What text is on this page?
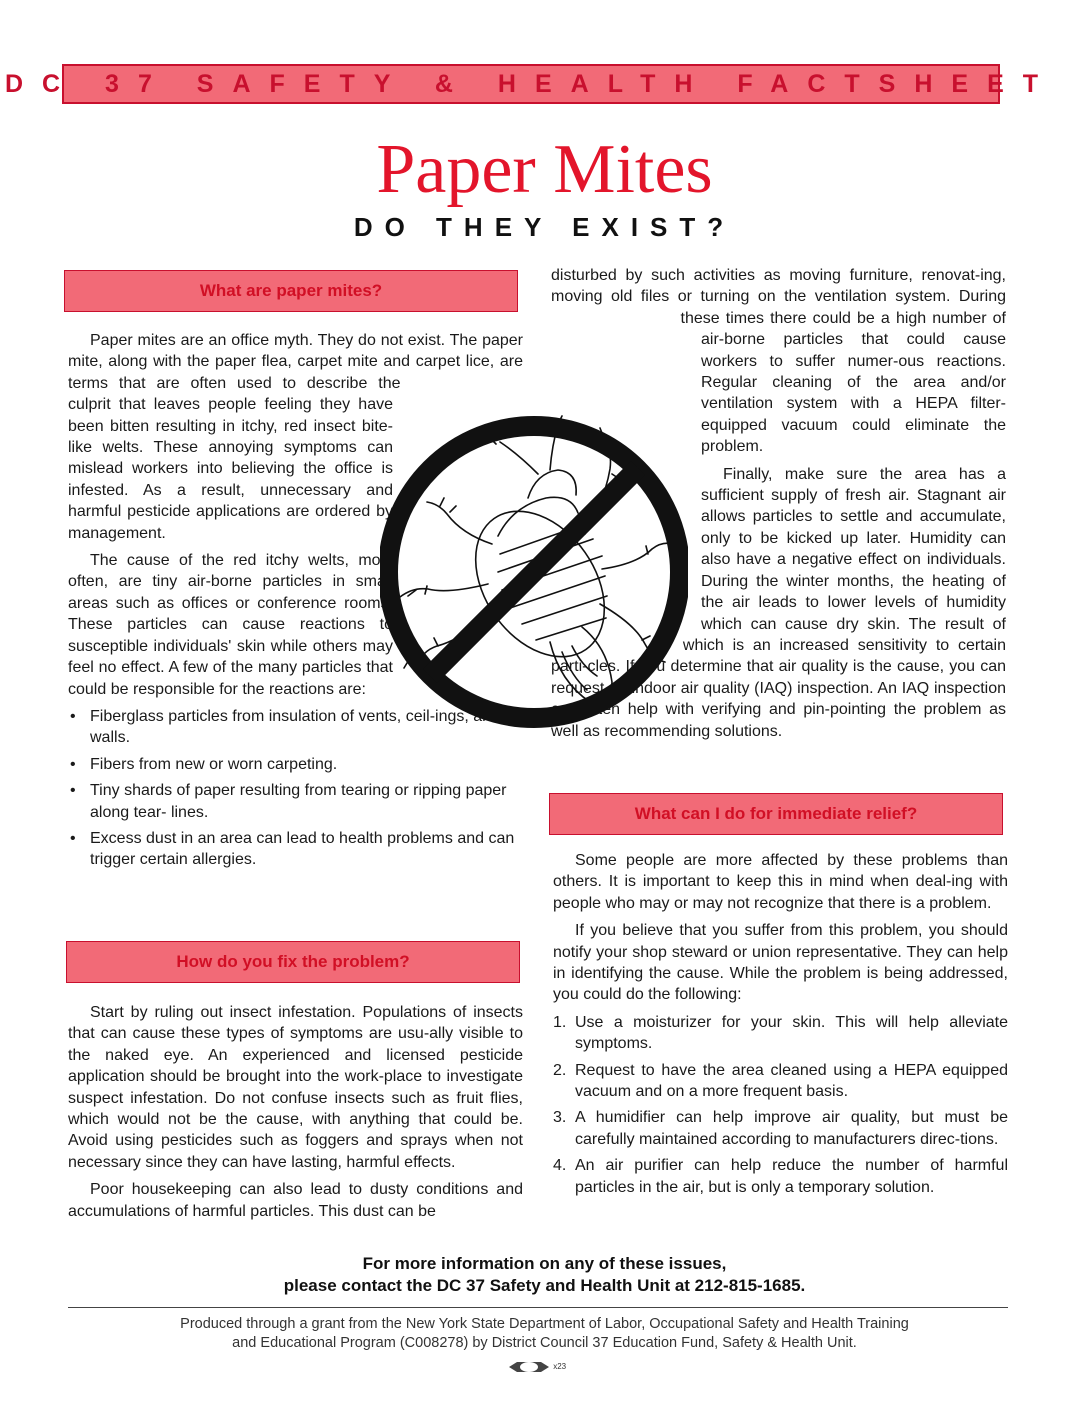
DC 37 SAFETY & HEALTH FACTSHEET
Paper Mites
DO THEY EXIST?
What are paper mites?

Paper mites are an office myth. They do not exist. The paper mite, along with the paper flea, carpet mite and carpet lice, are terms that are often used to describe the culprit that leaves people feeling they have been bitten resulting in itchy, red insect bite-like welts. These annoying symptoms can mislead workers into believing the office is infested. As a result, unnecessary and harmful pesticide applications are ordered by management.

The cause of the red itchy welts, most often, are tiny air-borne particles in small areas such as offices or conference rooms. These particles can cause reactions to susceptible individuals' skin while others may feel no effect. A few of the many particles that could be responsible for the reactions are:

• Fiberglass particles from insulation of vents, ceil-ings, and walls.
• Fibers from new or worn carpeting.
• Tiny shards of paper resulting from tearing or ripping paper along tear- lines.
• Excess dust in an area can lead to health problems and can trigger certain allergies.
How do you fix the problem?

Start by ruling out insect infestation. Populations of insects that can cause these types of symptoms are usu-ally visible to the naked eye. An experienced and licensed pesticide application should be brought into the work-place to investigate suspect infestation. Do not confuse insects such as fruit flies, which would not be the cause, with anything that could be. Avoid using pesticides such as foggers and sprays when not necessary since they can have lasting, harmful effects.

Poor housekeeping can also lead to dusty conditions and accumulations of harmful particles. This dust can be

disturbed by such activities as moving furniture, renovat-ing, moving old files or turning on the ventilation system. During these times there could be a high number of air-borne particles that could cause workers to suffer numer-ous reactions. Regular cleaning of the area and/or ventilation system with a HEPA filter-equipped vacuum could eliminate the problem.

Finally, make sure the area has a sufficient supply of fresh air. Stagnant air allows particles to settle and accumulate, only to be kicked up later. Humidity can also have a negative effect on individuals. During the winter months, the heating of the air leads to lower levels of humidity which can cause dry skin. The result of which is an increased sensitivity to certain parti-cles. If you determine that air quality is the cause, you can request an indoor air quality (IAQ) inspection. An IAQ inspection can often help with verifying and pin-pointing the problem as well as recommending solutions.

What can I do for immediate relief?

Some people are more affected by these problems than others. It is important to keep this in mind when deal-ing with people who may or may not recognize that there is a problem.

If you believe that you suffer from this problem, you should notify your shop steward or union representative. They can help in identifying the cause. While the problem is being addressed, you could do the following:

1. Use a moisturizer for your skin. This will help alleviate symptoms.
2. Request to have the area cleaned using a HEPA equipped vacuum and on a more frequent basis.
3. A humidifier can help improve air quality, but must be carefully maintained according to manufacturers direc-tions.
4. An air purifier can help reduce the number of harmful particles in the air, but is only a temporary solution.
For more information on any of these issues,
please contact the DC 37 Safety and Health Unit at 212-815-1685.
Produced through a grant from the New York State Department of Labor, Occupational Safety and Health Training
and Educational Program (C008278) by District Council 37 Education Fund, Safety & Health Unit.
x23
